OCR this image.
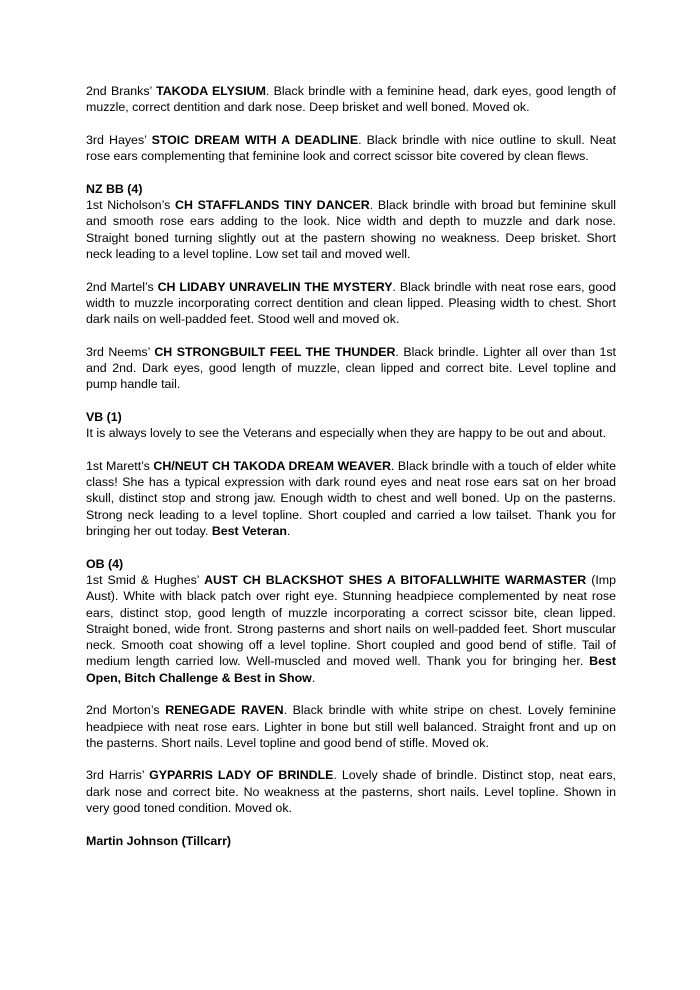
2nd Branks’ TAKODA ELYSIUM. Black brindle with a feminine head, dark eyes, good length of muzzle, correct dentition and dark nose. Deep brisket and well boned. Moved ok.

3rd Hayes’ STOIC DREAM WITH A DEADLINE. Black brindle with nice outline to skull. Neat rose ears complementing that feminine look and correct scissor bite covered by clean flews.

NZ BB (4)

1st Nicholson’s CH STAFFLANDS TINY DANCER. Black brindle with broad but feminine skull and smooth rose ears adding to the look. Nice width and depth to muzzle and dark nose. Straight boned turning slightly out at the pastern showing no weakness. Deep brisket. Short neck leading to a level topline. Low set tail and moved well.

2nd Martel’s CH LIDABY UNRAVELIN THE MYSTERY. Black brindle with neat rose ears, good width to muzzle incorporating correct dentition and clean lipped. Pleasing width to chest. Short dark nails on well-padded feet. Stood well and moved ok.

3rd Neems’ CH STRONGBUILT FEEL THE THUNDER. Black brindle. Lighter all over than 1st and 2nd. Dark eyes, good length of muzzle, clean lipped and correct bite. Level topline and pump handle tail.

VB (1)

It is always lovely to see the Veterans and especially when they are happy to be out and about.

1st Marett’s CH/NEUT CH TAKODA DREAM WEAVER. Black brindle with a touch of elder white class! She has a typical expression with dark round eyes and neat rose ears sat on her broad skull, distinct stop and strong jaw. Enough width to chest and well boned. Up on the pasterns. Strong neck leading to a level topline. Short coupled and carried a low tailset. Thank you for bringing her out today. Best Veteran.

OB (4)

1st Smid & Hughes’ AUST CH BLACKSHOT SHES A BITOFALLWHITE WARMASTER (Imp Aust). White with black patch over right eye. Stunning headpiece complemented by neat rose ears, distinct stop, good length of muzzle incorporating a correct scissor bite, clean lipped. Straight boned, wide front. Strong pasterns and short nails on well-padded feet. Short muscular neck. Smooth coat showing off a level topline. Short coupled and good bend of stifle. Tail of medium length carried low. Well-muscled and moved well. Thank you for bringing her. Best Open, Bitch Challenge & Best in Show.

2nd Morton’s RENEGADE RAVEN. Black brindle with white stripe on chest. Lovely feminine headpiece with neat rose ears. Lighter in bone but still well balanced. Straight front and up on the pasterns. Short nails. Level topline and good bend of stifle. Moved ok.

3rd Harris’ GYPARRIS LADY OF BRINDLE. Lovely shade of brindle. Distinct stop, neat ears, dark nose and correct bite. No weakness at the pasterns, short nails. Level topline. Shown in very good toned condition. Moved ok.

Martin Johnson (Tillcarr)
